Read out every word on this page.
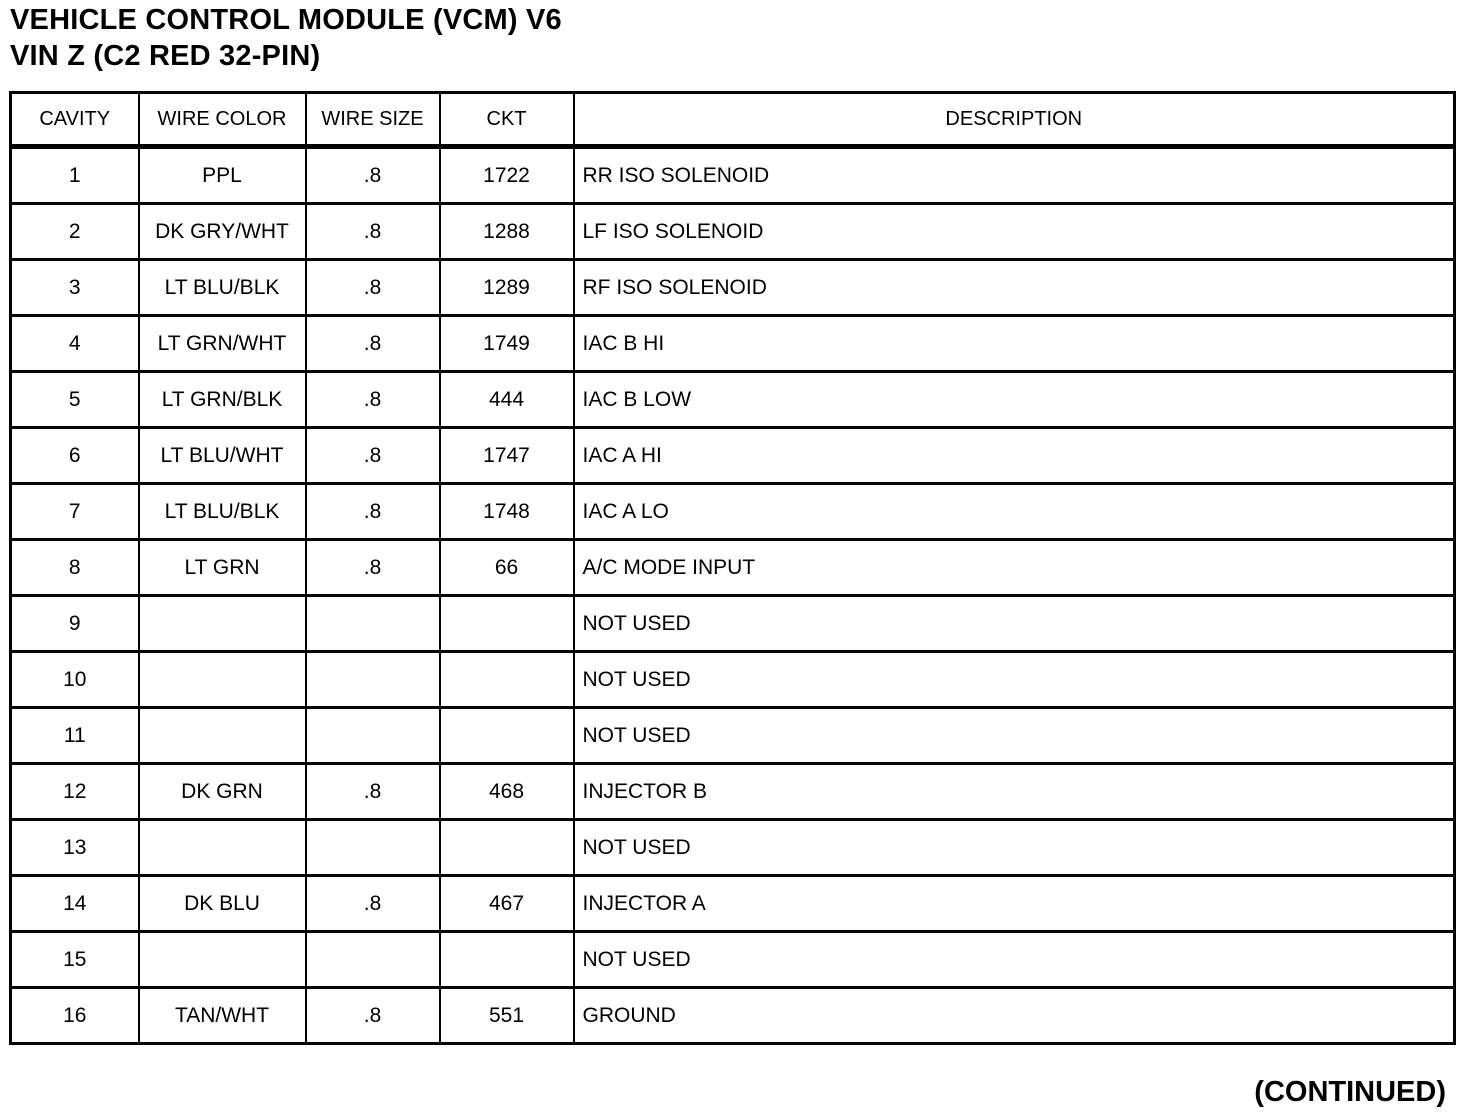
VEHICLE CONTROL MODULE (VCM) V6
VIN Z (C2 RED 32-PIN)
CAVITY	WIRE COLOR	WIRE SIZE	CKT	DESCRIPTION
1	PPL	.8	1722	RR ISO SOLENOID
2	DK GRY/WHT	.8	1288	LF ISO SOLENOID
3	LT BLU/BLK	.8	1289	RF ISO SOLENOID
4	LT GRN/WHT	.8	1749	IAC B HI
5	LT GRN/BLK	.8	444	IAC B LOW
6	LT BLU/WHT	.8	1747	IAC A HI
7	LT BLU/BLK	.8	1748	IAC A LO
8	LT GRN	.8	66	A/C MODE INPUT
9				NOT USED
10				NOT USED
11				NOT USED
12	DK GRN	.8	468	INJECTOR B
13				NOT USED
14	DK BLU	.8	467	INJECTOR A
15				NOT USED
16	TAN/WHT	.8	551	GROUND
(CONTINUED)
